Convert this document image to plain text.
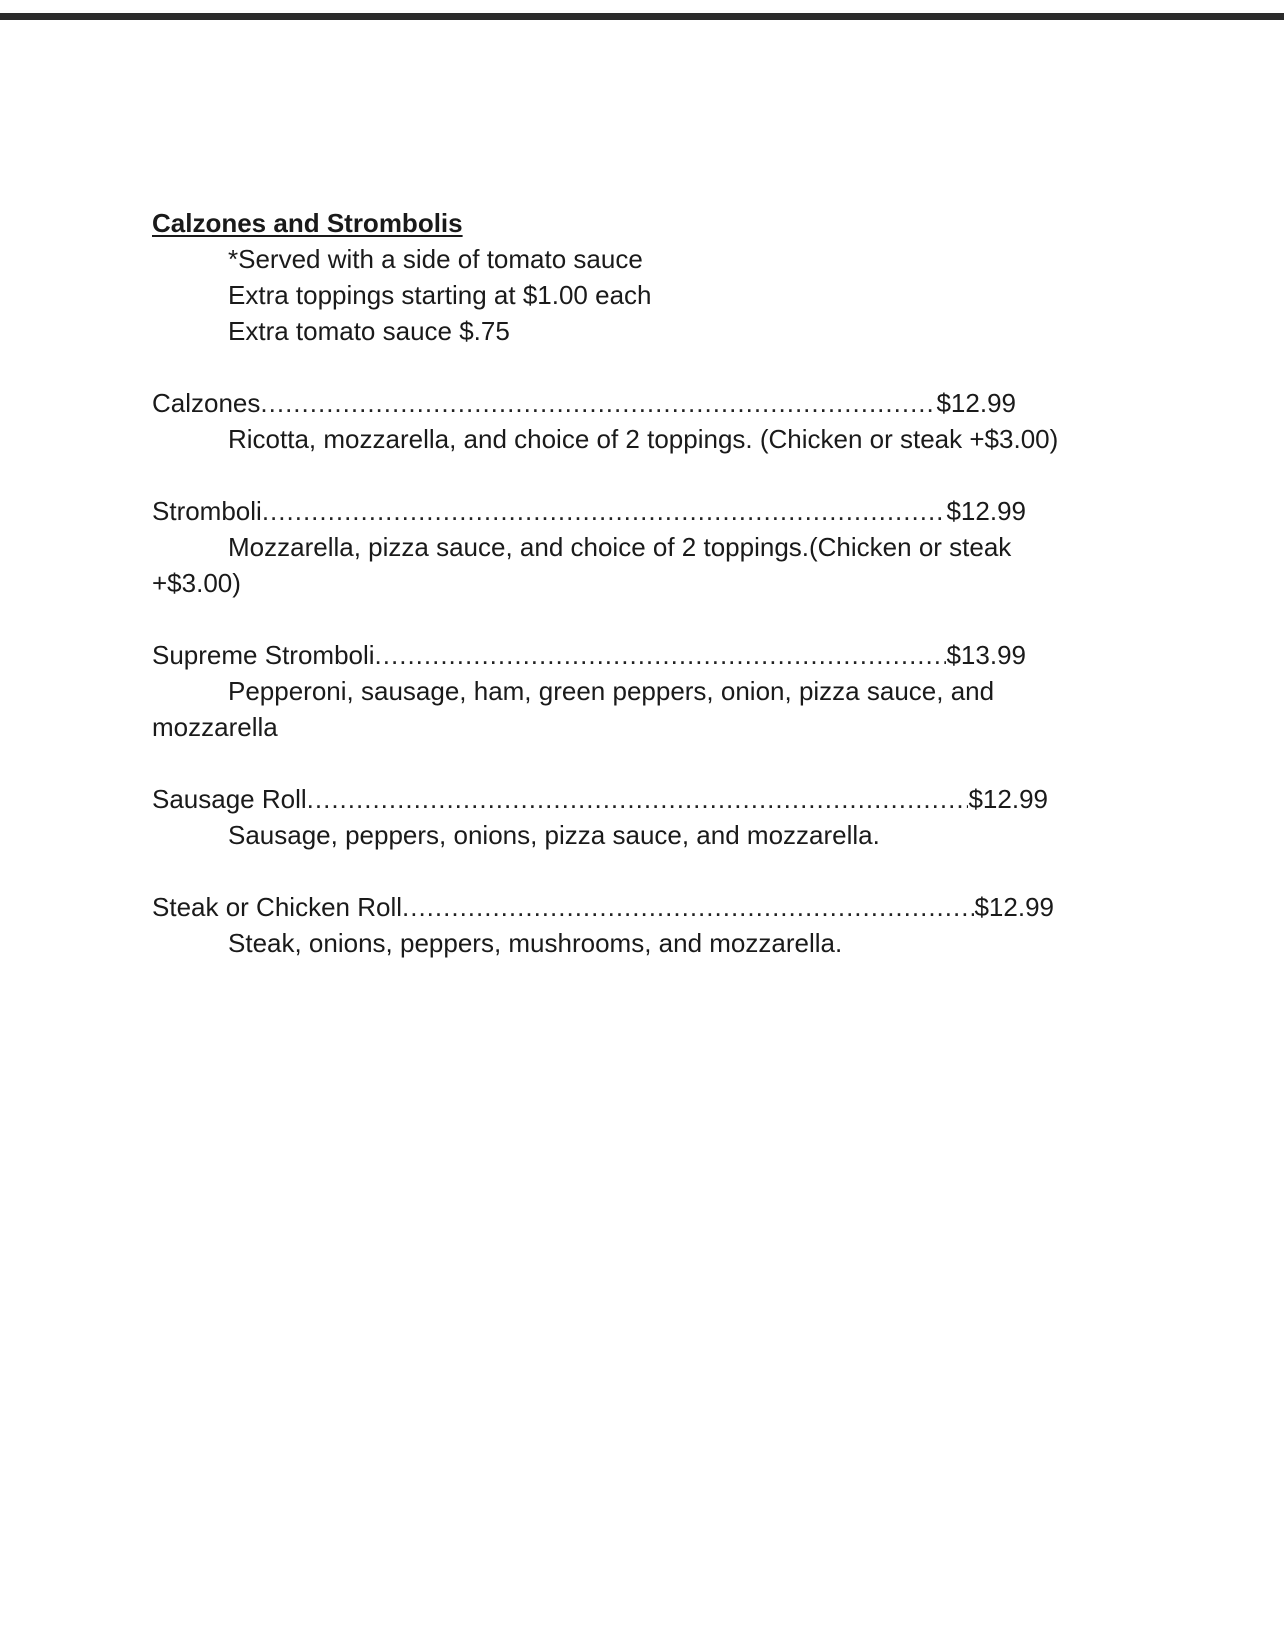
Calzones and Strombolis

*Served with a side of tomato sauce
Extra toppings starting at $1.00 each
Extra tomato sauce $.75
Calzones .....	$12.99

Ricotta, mozzarella, and choice of 2 toppings. (Chicken or steak +$3.00)

Stromboli .....	$12.99

Mozzarella, pizza sauce, and choice of 2 toppings.(Chicken or steak +$3.00)

Supreme Stromboli .....	$13.99

Pepperoni, sausage, ham, green peppers, onion, pizza sauce, and mozzarella

Sausage Roll .....	$12.99

Sausage, peppers, onions, pizza sauce, and mozzarella.

Steak or Chicken Roll .....	$12.99

Steak, onions, peppers, mushrooms, and mozzarella.
